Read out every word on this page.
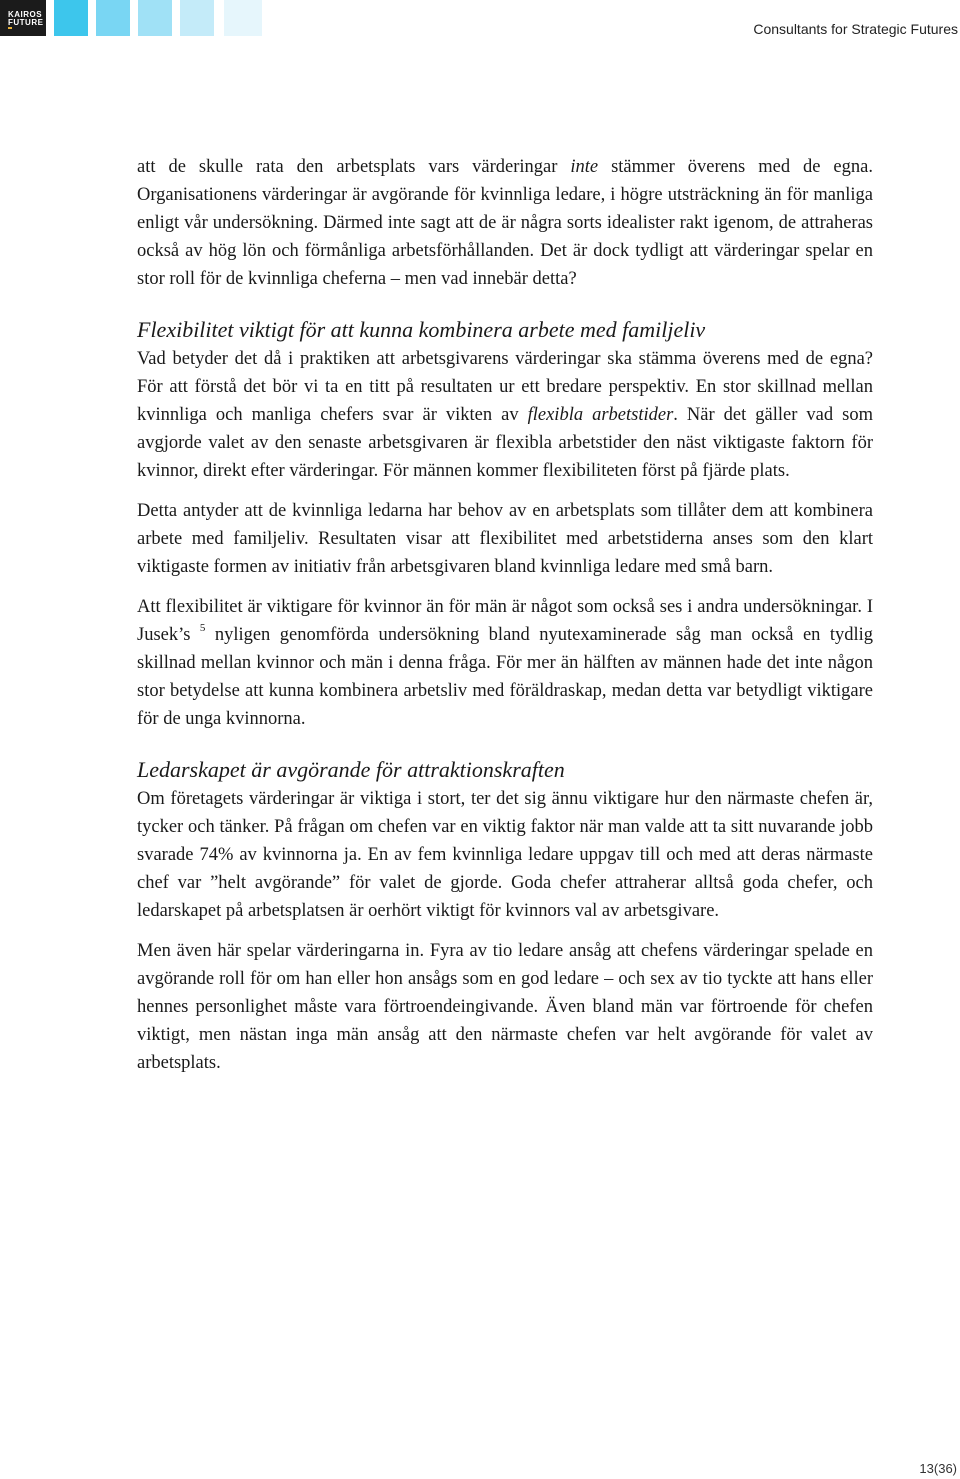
KAIROS
FUTURE	Consultants for Strategic Futures

att de skulle rata den arbetsplats vars värderingar inte stämmer överens med de egna. Organisationens värderingar är avgörande för kvinnliga ledare, i högre utsträckning än för manliga enligt vår undersökning. Därmed inte sagt att de är några sorts idealister rakt igenom, de attraheras också av hög lön och förmånliga arbetsförhållanden. Det är dock tydligt att värderingar spelar en stor roll för de kvinnliga cheferna – men vad innebär detta?

Flexibilitet viktigt för att kunna kombinera arbete med familjeliv

Vad betyder det då i praktiken att arbetsgivarens värderingar ska stämma överens med de egna? För att förstå det bör vi ta en titt på resultaten ur ett bredare perspektiv. En stor skillnad mellan kvinnliga och manliga chefers svar är vikten av flexibla arbetstider. När det gäller vad som avgjorde valet av den senaste arbetsgivaren är flexibla arbetstider den näst viktigaste faktorn för kvinnor, direkt efter värderingar. För männen kommer flexibiliteten först på fjärde plats.

Detta antyder att de kvinnliga ledarna har behov av en arbetsplats som tillåter dem att kombinera arbete med familjeliv. Resultaten visar att flexibilitet med arbetstiderna anses som den klart viktigaste formen av initiativ från arbetsgivaren bland kvinnliga ledare med små barn.

Att flexibilitet är viktigare för kvinnor än för män är något som också ses i andra undersökningar. I Jusek’s $^5$ nyligen genomförda undersökning bland nyutexaminerade såg man också en tydlig skillnad mellan kvinnor och män i denna fråga. För mer än hälften av männen hade det inte någon stor betydelse att kunna kombinera arbetsliv med föräldraskap, medan detta var betydligt viktigare för de unga kvinnorna.

Ledarskapet är avgörande för attraktionskraften

Om företagets värderingar är viktiga i stort, ter det sig ännu viktigare hur den närmaste chefen är, tycker och tänker. På frågan om chefen var en viktig faktor när man valde att ta sitt nuvarande jobb svarade 74% av kvinnorna ja. En av fem kvinnliga ledare uppgav till och med att deras närmaste chef var ”helt avgörande” för valet de gjorde. Goda chefer attraherar alltså goda chefer, och ledarskapet på arbetsplatsen är oerhört viktigt för kvinnors val av arbetsgivare.

Men även här spelar värderingarna in. Fyra av tio ledare ansåg att chefens värderingar spelade en avgörande roll för om han eller hon ansågs som en god ledare – och sex av tio tyckte att hans eller hennes personlighet måste vara förtroendeingivande. Även bland män var förtroende för chefen viktigt, men nästan inga män ansåg att den närmaste chefen var helt avgörande för valet av arbetsplats.

13(36)
